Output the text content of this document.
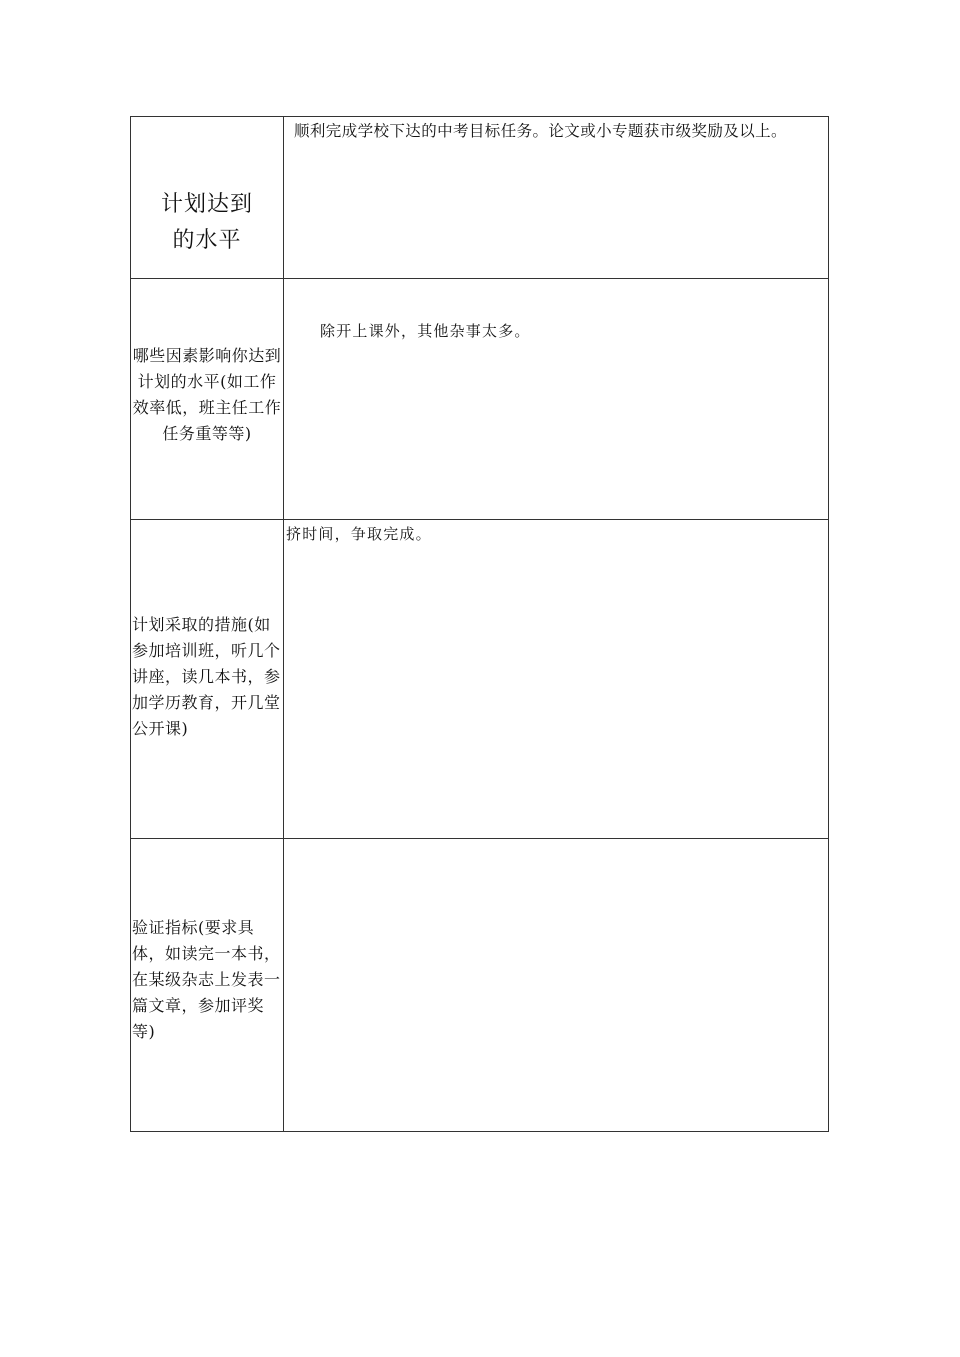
计划达到
的水平	顺利完成学校下达的中考目标任务。论文或小专题获市级奖励及以上。

哪些因素影响你达到
计划的水平(如工作
效率低，班主任工作
任务重等等)	除开上课外，其他杂事太多。

计划采取的措施(如
参加培训班，听几个
讲座，读几本书，参
加学历教育，开几堂
公开课)	挤时间，争取完成。

验证指标(要求具
体，如读完一本书，
在某级杂志上发表一
篇文章，参加评奖
等)	
